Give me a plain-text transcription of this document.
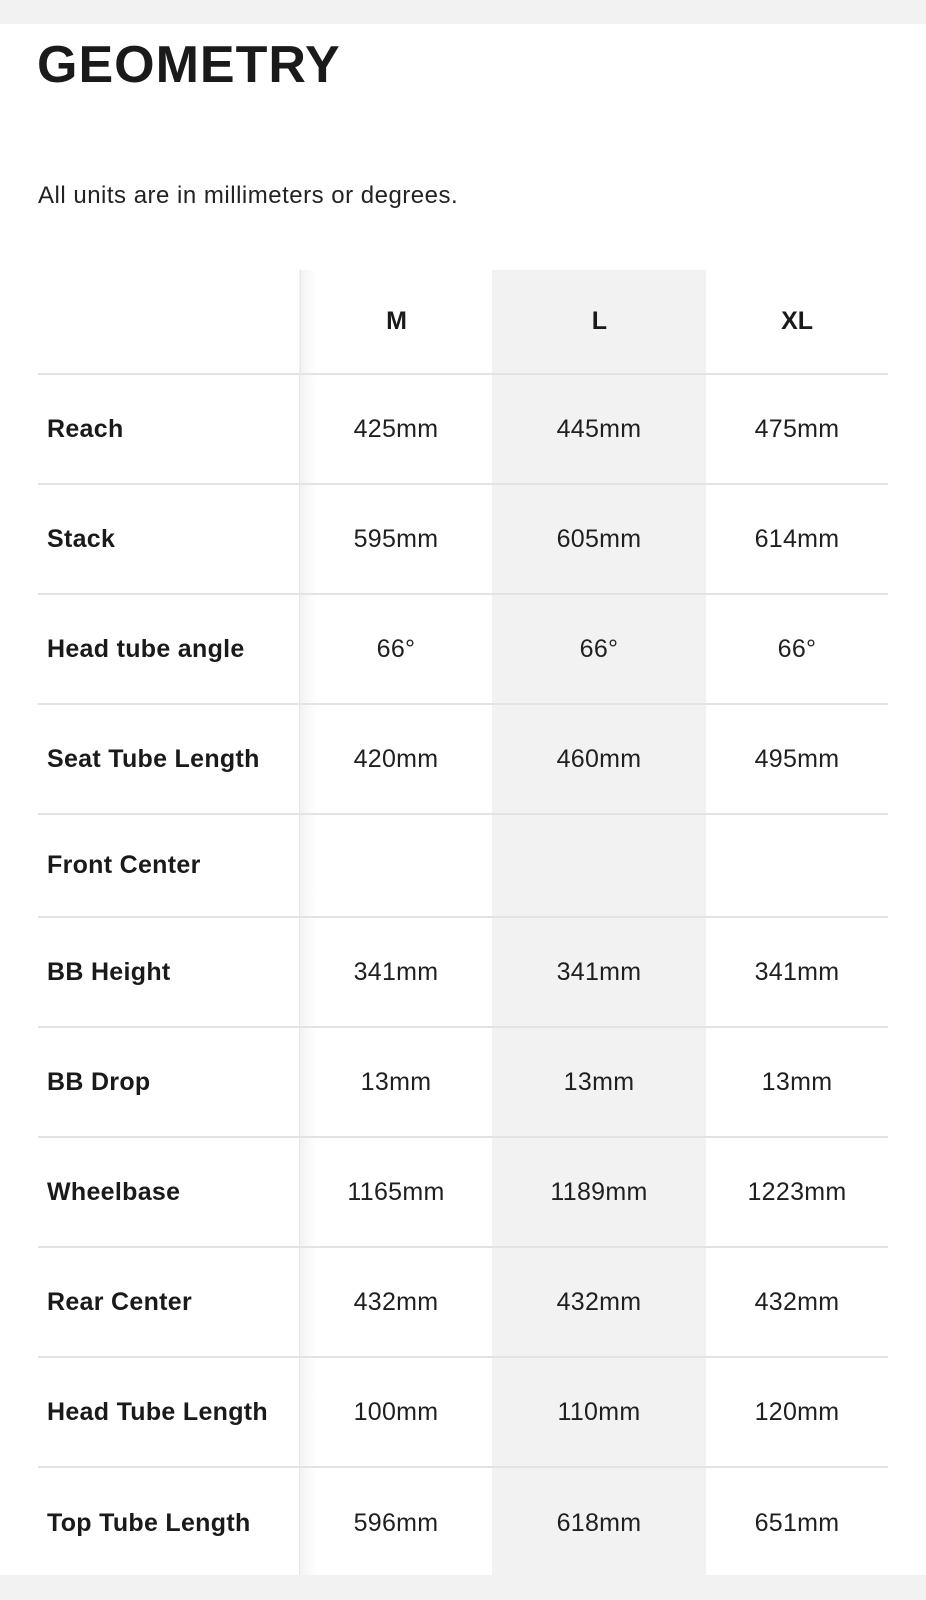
GEOMETRY

All units are in millimeters or degrees.

M	L	XL
Reach	425mm	445mm	475mm
Stack	595mm	605mm	614mm
Head tube angle	66°	66°	66°
Seat Tube Length	420mm	460mm	495mm
Front Center
BB Height	341mm	341mm	341mm
BB Drop	13mm	13mm	13mm
Wheelbase	1165mm	1189mm	1223mm
Rear Center	432mm	432mm	432mm
Head Tube Length	100mm	110mm	120mm
Top Tube Length	596mm	618mm	651mm
